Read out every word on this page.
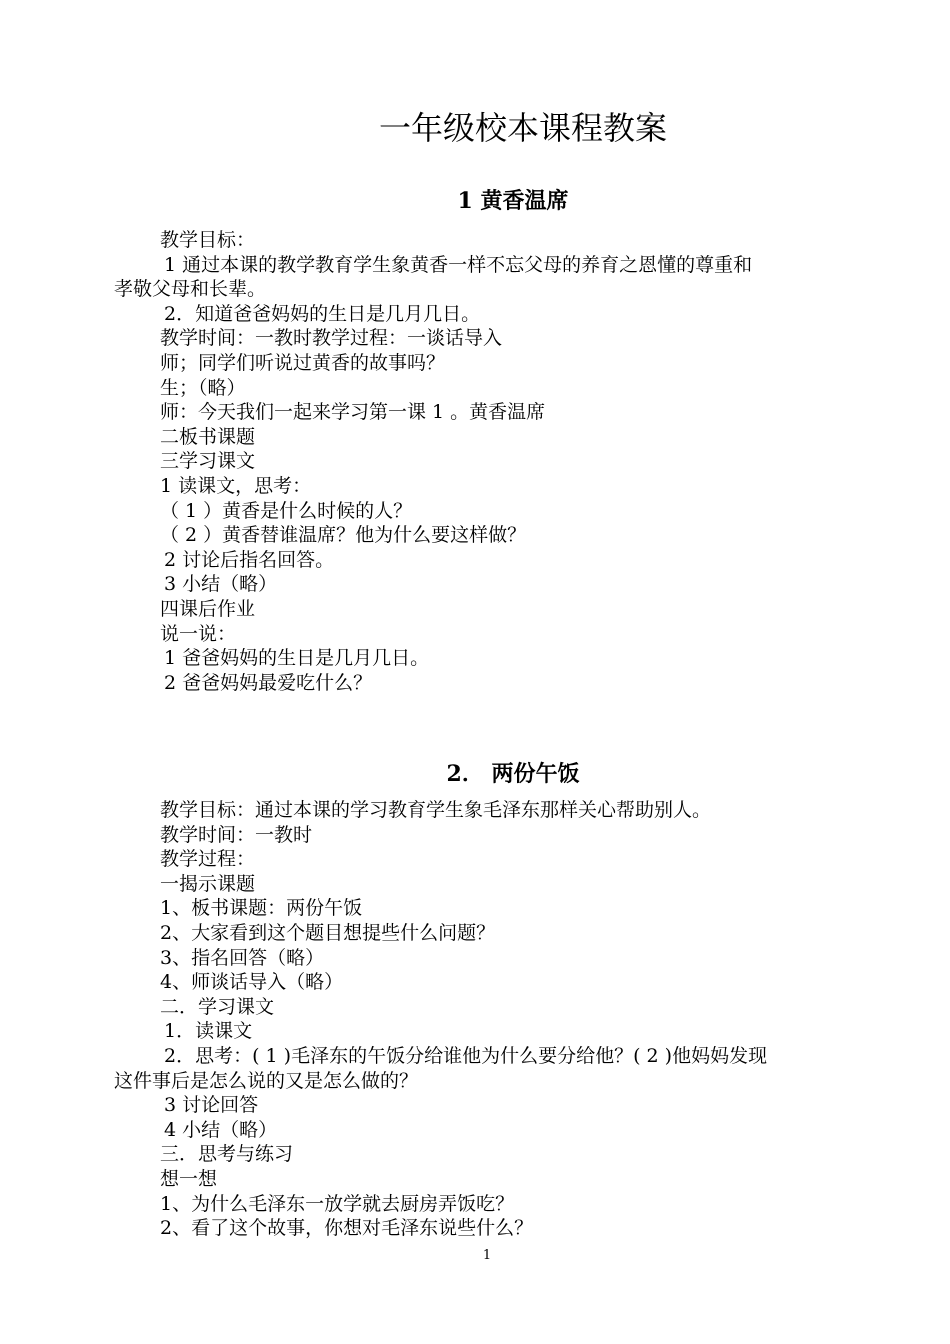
一年级校本课程教案
1 黄香温席
教学目标：
1 通过本课的教学教育学生象黄香一样不忘父母的养育之恩懂的尊重和
孝敬父母和长辈。
2．知道爸爸妈妈的生日是几月几日。
教学时间：一教时教学过程：一谈话导入
师；同学们听说过黄香的故事吗？
生；（略）
师：今天我们一起来学习第一课 1 。黄香温席
二板书课题
三学习课文
1 读课文，思考：
（ 1 ）黄香是什么时候的人？
（ 2 ）黄香替谁温席？他为什么要这样做？
2 讨论后指名回答。
3 小结（略）
四课后作业
说一说：
1 爸爸妈妈的生日是几月几日。
2 爸爸妈妈最爱吃什么？
2． 两份午饭
教学目标：通过本课的学习教育学生象毛泽东那样关心帮助别人。
教学时间：一教时
教学过程：
一揭示课题
1、板书课题：两份午饭
2、大家看到这个题目想提些什么问题？
3、指名回答（略）
4、师谈话导入（略）
二．学习课文
1．读课文
2．思考：( 1 )毛泽东的午饭分给谁他为什么要分给他？( 2 )他妈妈发现
这件事后是怎么说的又是怎么做的？
3 讨论回答
4 小结（略）
三．思考与练习
想一想
1、为什么毛泽东一放学就去厨房弄饭吃？
2、看了这个故事，你想对毛泽东说些什么？
1
